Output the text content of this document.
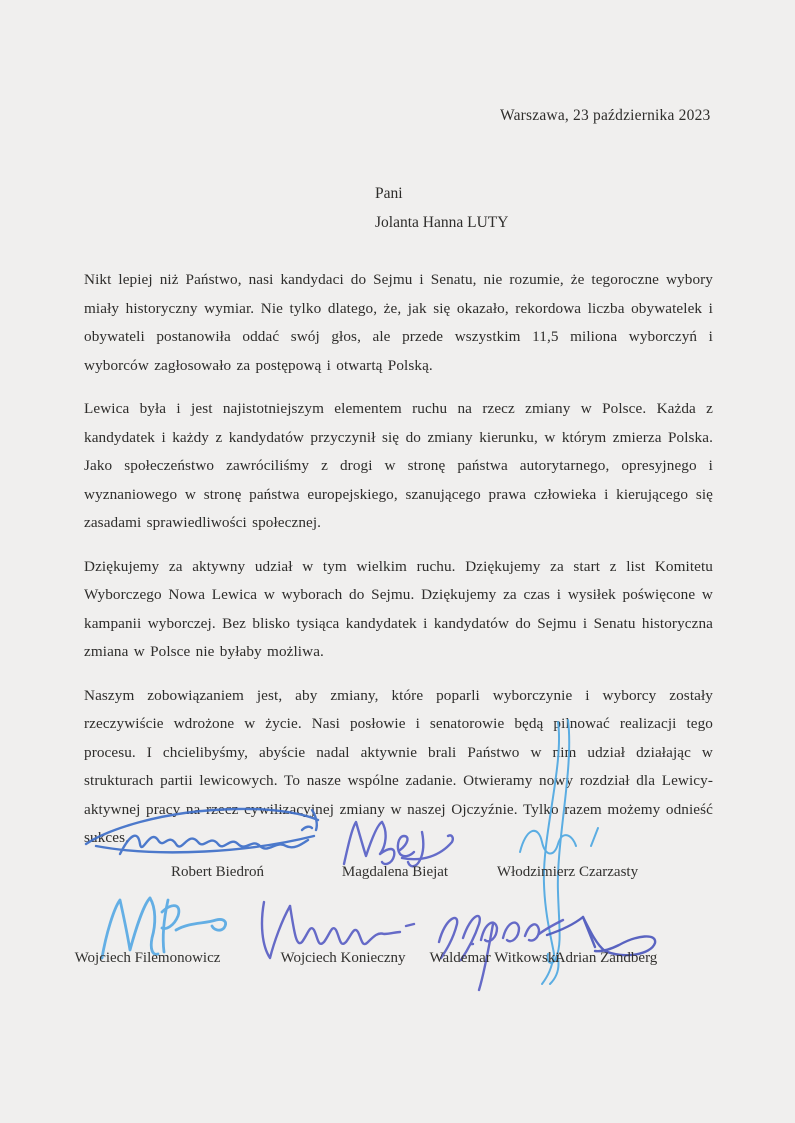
Warszawa, 23 października 2023
Pani
Jolanta Hanna LUTY

Nikt lepiej niż Państwo, nasi kandydaci do Sejmu i Senatu, nie rozumie, że tegoroczne wybory miały historyczny wymiar. Nie tylko dlatego, że, jak się okazało, rekordowa liczba obywatelek i obywateli postanowiła oddać swój głos, ale przede wszystkim 11,5 miliona wyborczyń i wyborców zagłosowało za postępową i otwartą Polską.

Lewica była i jest najistotniejszym elementem ruchu na rzecz zmiany w Polsce. Każda z kandydatek i każdy z kandydatów przyczynił się do zmiany kierunku, w którym zmierza Polska. Jako społeczeństwo zawróciliśmy z drogi w stronę państwa autorytarnego, opresyjnego i wyznaniowego w stronę państwa europejskiego, szanującego prawa człowieka i kierującego się zasadami sprawiedliwości społecznej.

Dziękujemy za aktywny udział w tym wielkim ruchu. Dziękujemy za start z list Komitetu Wyborczego Nowa Lewica w wyborach do Sejmu. Dziękujemy za czas i wysiłek poświęcone w kampanii wyborczej. Bez blisko tysiąca kandydatek i kandydatów do Sejmu i Senatu historyczna zmiana w Polsce nie byłaby możliwa.

Naszym zobowiązaniem jest, aby zmiany, które poparli wyborczynie i wyborcy zostały rzeczywiście wdrożone w życie. Nasi posłowie i senatorowie będą pilnować realizacji tego procesu. I chcielibyśmy, abyście nadal aktywnie brali Państwo w nim udział działając w strukturach partii lewicowych. To nasze wspólne zadanie. Otwieramy nowy rozdział dla Lewicy- aktywnej pracy na rzecz cywilizacyjnej zmiany w naszej Ojczyźnie. Tylko razem możemy odnieść sukces.

Robert Biedroń	Magdalena Biejat	Włodzimierz Czarzasty
Wojciech Filemonowicz	Wojciech Konieczny	Waldemar Witkowski
Adrian Zandberg
